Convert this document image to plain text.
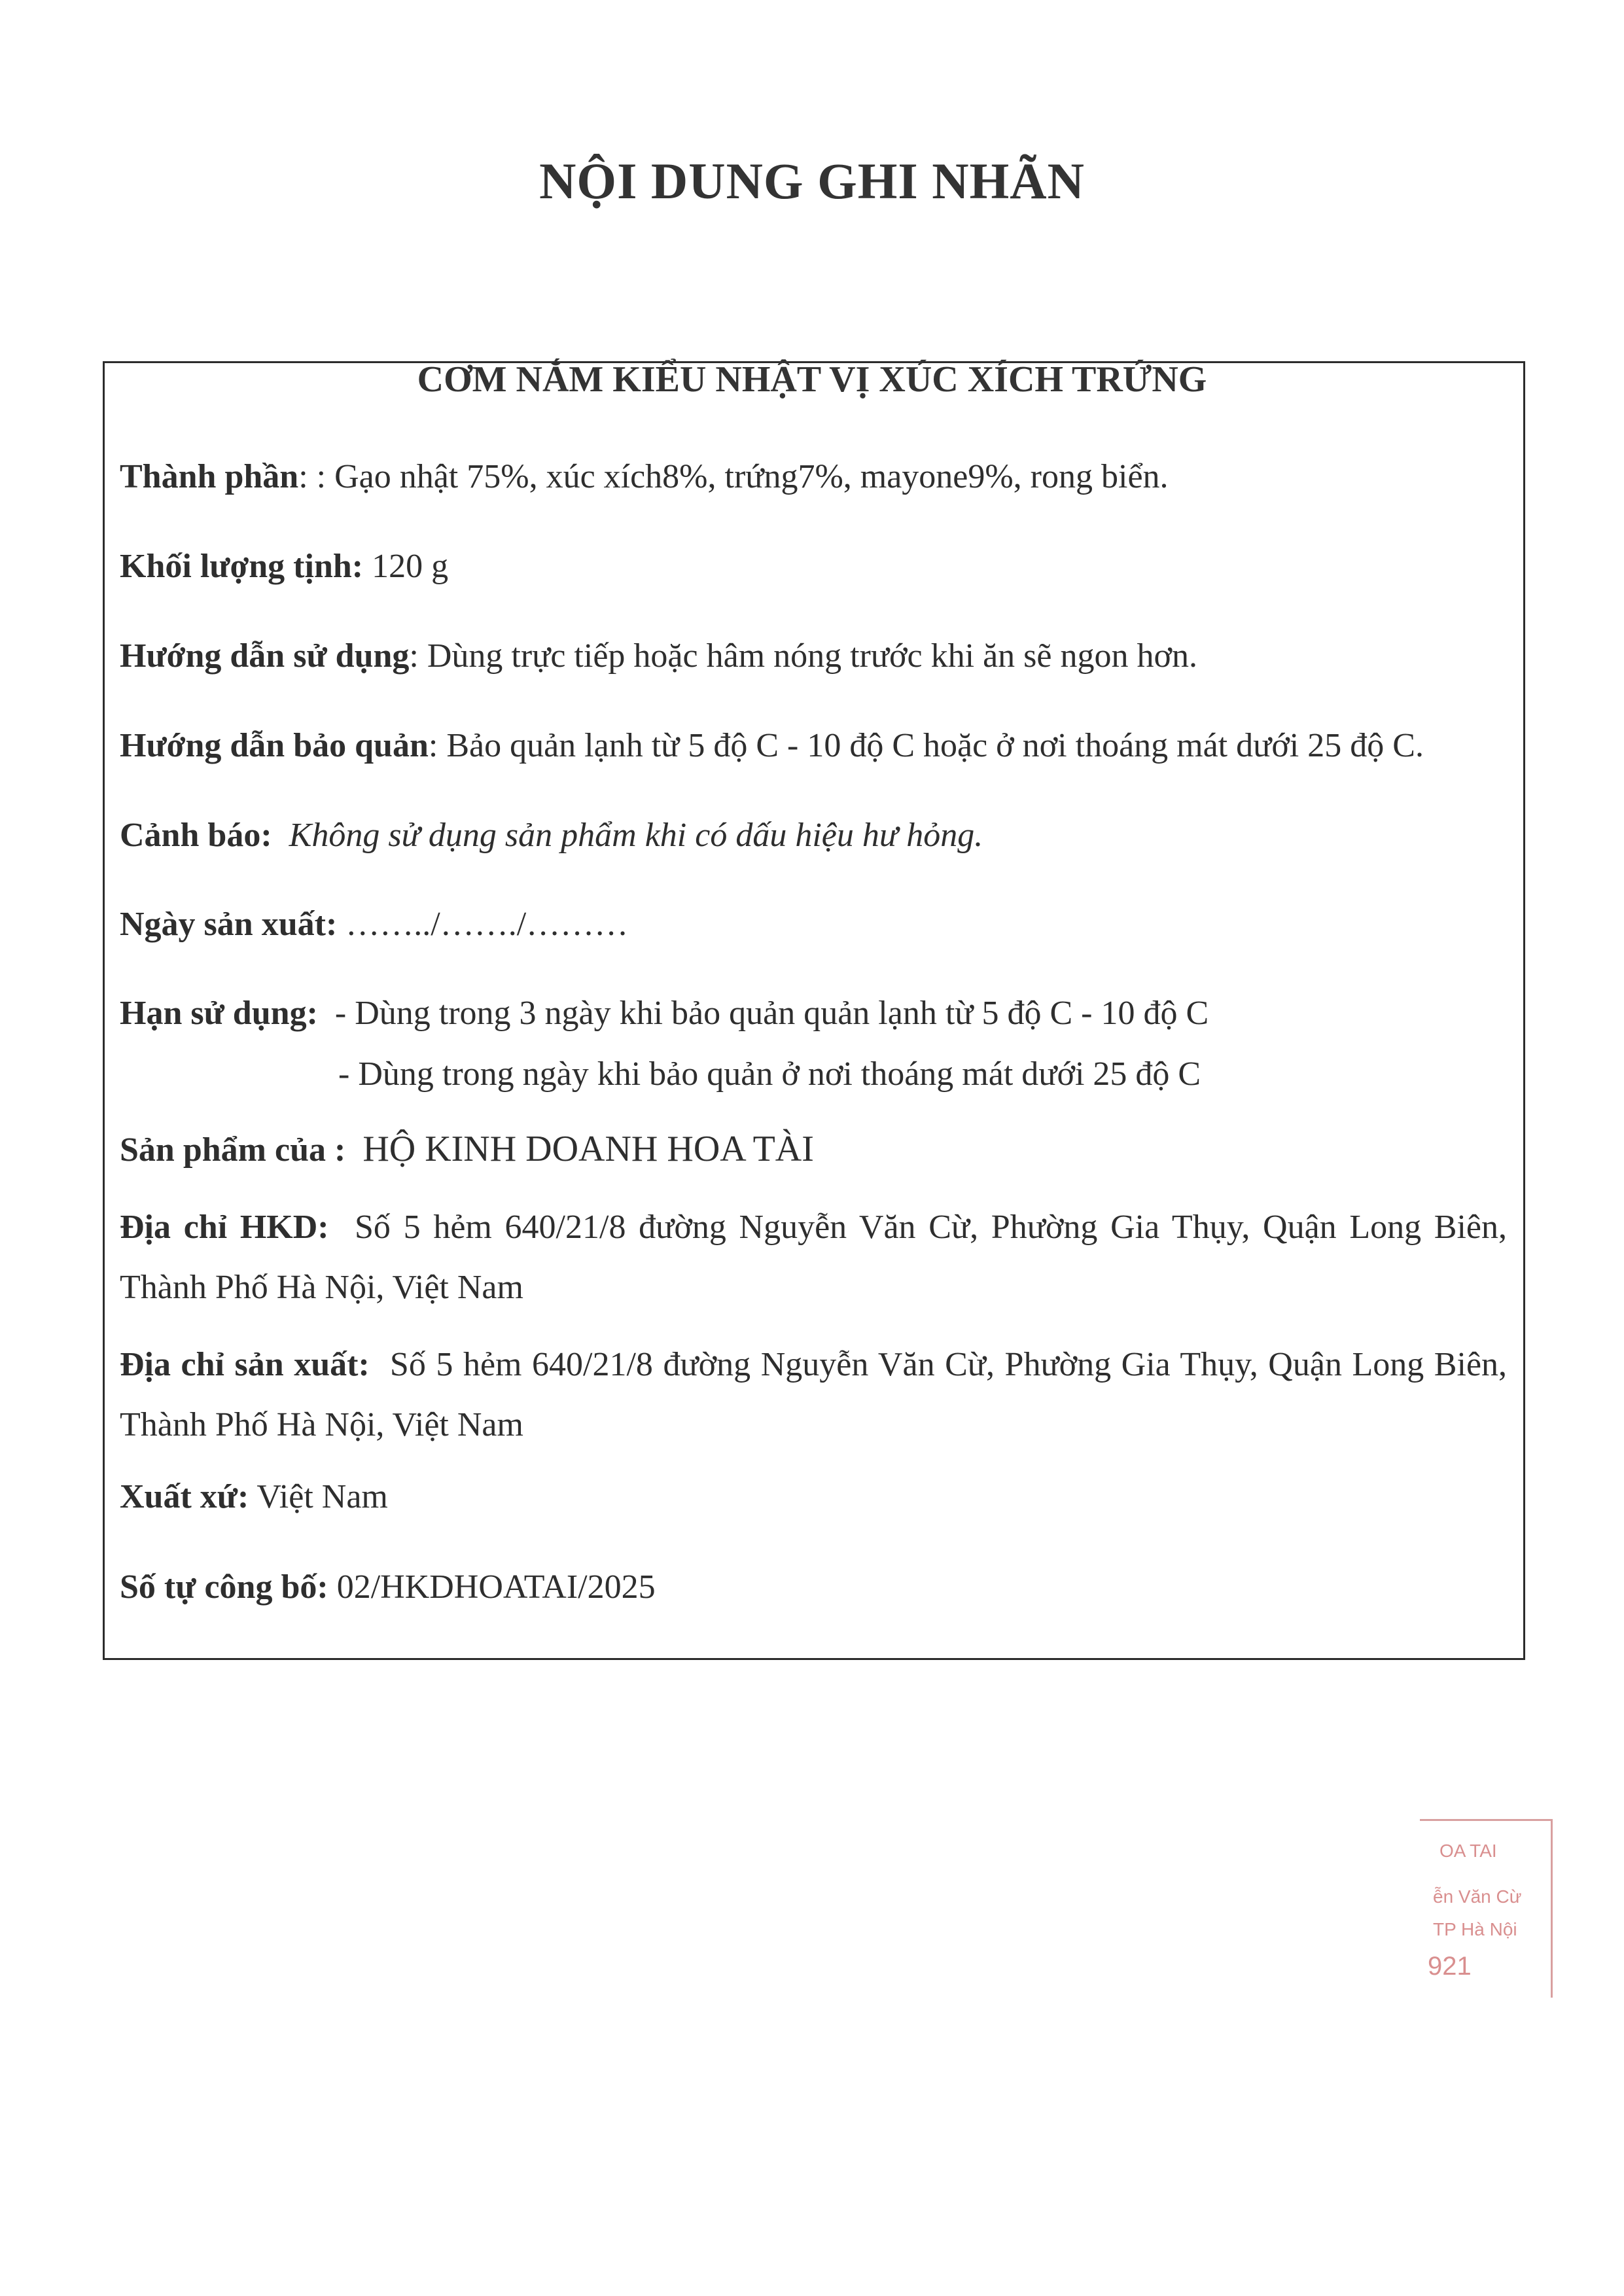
NỘI DUNG GHI NHÃN
CƠM NẮM KIỂU NHẬT VỊ XÚC XÍCH TRỨNG
Thành phần: : Gạo nhật 75%, xúc xích8%, trứng7%, mayone9%, rong biển.
Khối lượng tịnh: 120 g
Hướng dẫn sử dụng: Dùng trực tiếp hoặc hâm nóng trước khi ăn sẽ ngon hơn.
Hướng dẫn bảo quản: Bảo quản lạnh từ 5 độ C - 10 độ C hoặc ở nơi thoáng mát dưới 25 độ C.
Cảnh báo: Không sử dụng sản phẩm khi có dấu hiệu hư hỏng.
Ngày sản xuất: ……../……./………
Hạn sử dụng: - Dùng trong 3 ngày khi bảo quản quản lạnh từ 5 độ C - 10 độ C
- Dùng trong ngày khi bảo quản ở nơi thoáng mát dưới 25 độ C
Sản phẩm của : HỘ KINH DOANH HOA TÀI
Địa chỉ HKD: Số 5 hẻm 640/21/8 đường Nguyễn Văn Cừ, Phường Gia Thụy, Quận Long Biên, Thành Phố Hà Nội, Việt Nam
Địa chỉ sản xuất: Số 5 hẻm 640/21/8 đường Nguyễn Văn Cừ, Phường Gia Thụy, Quận Long Biên, Thành Phố Hà Nội, Việt Nam
Xuất xứ: Việt Nam
Số tự công bố: 02/HKDHOATAI/2025
OA TAI
ễn Văn Cừ
TP Hà Nội
921
